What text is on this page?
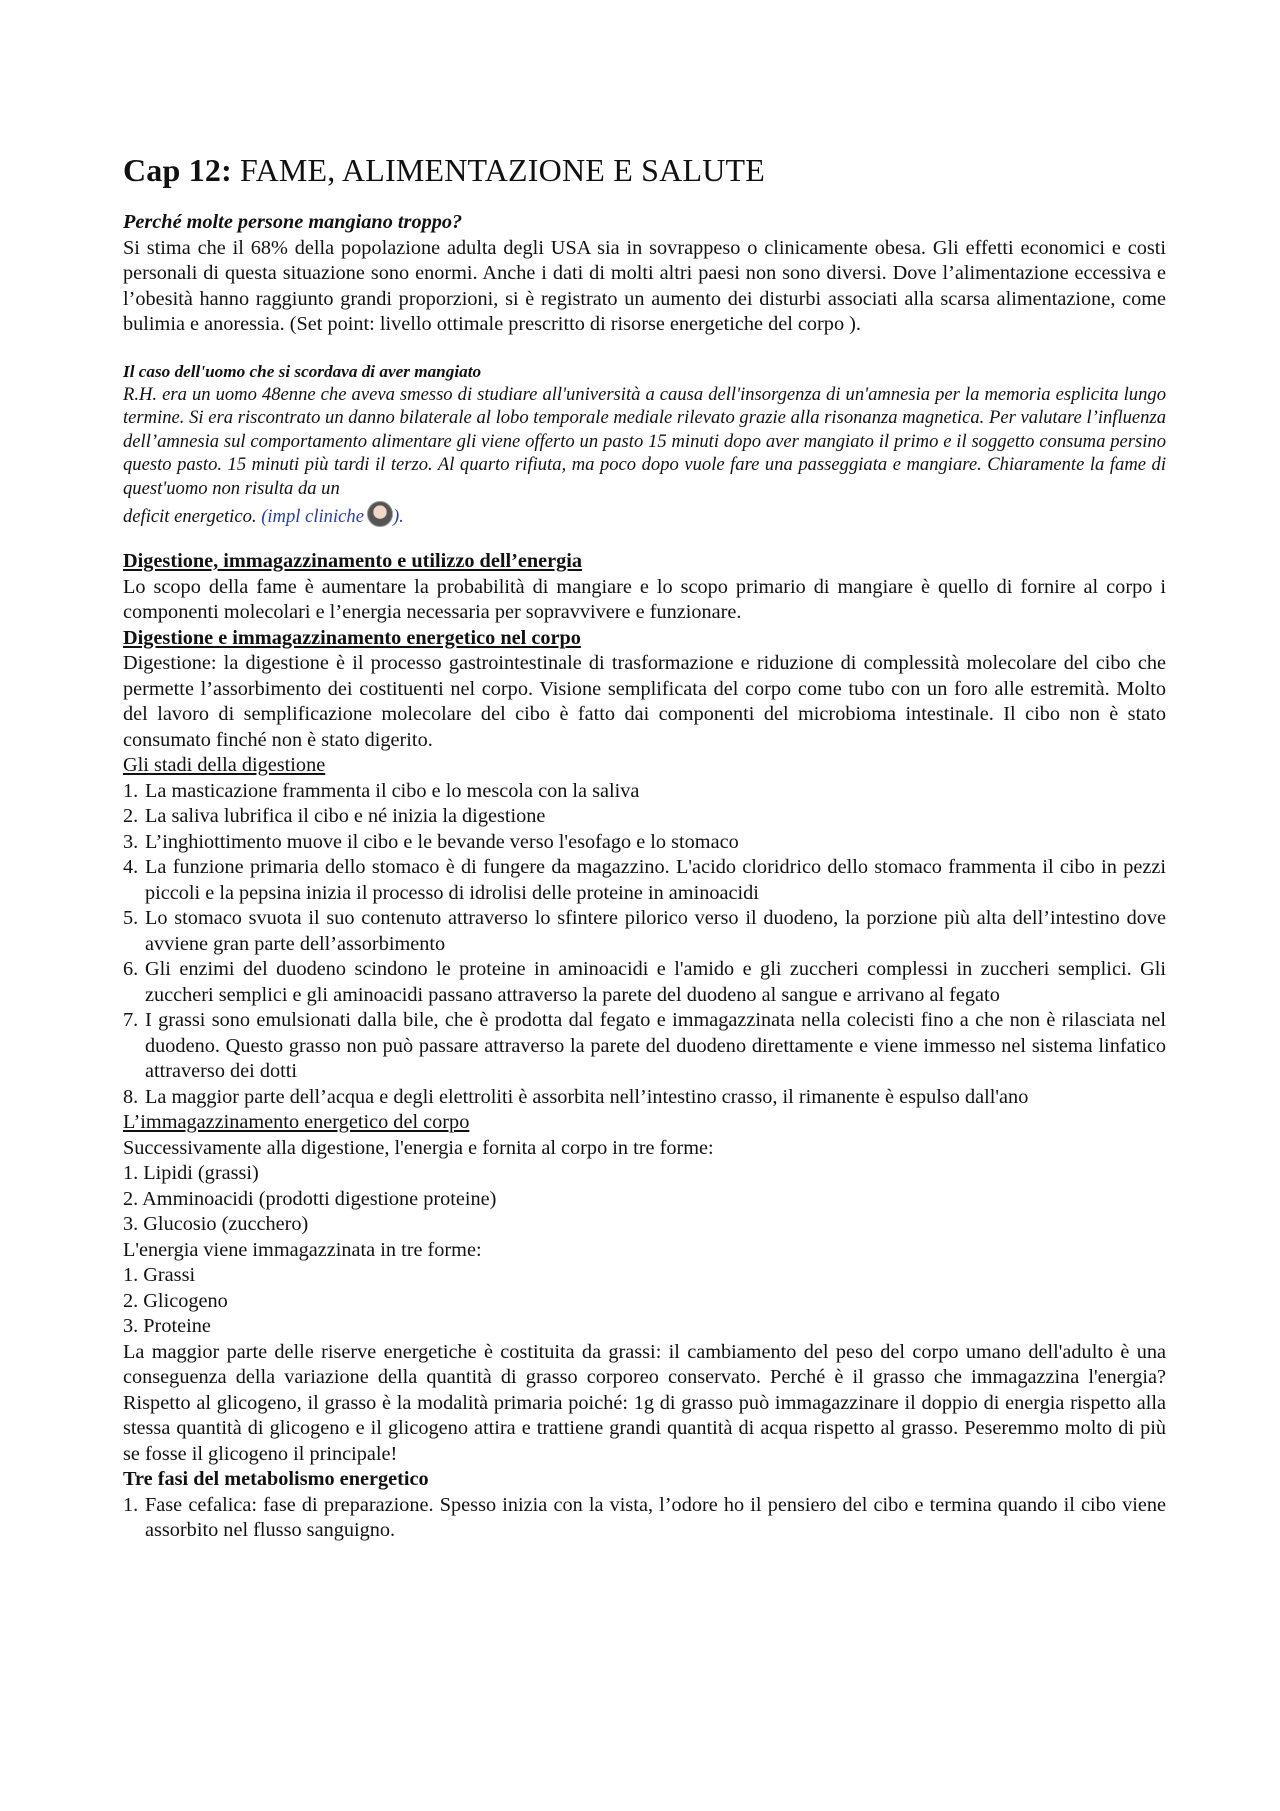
Cap 12: FAME, ALIMENTAZIONE E SALUTE
Perché molte persone mangiano troppo?

Si stima che il 68% della popolazione adulta degli USA sia in sovrappeso o clinicamente obesa. Gli effetti economici e costi personali di questa situazione sono enormi. Anche i dati di molti altri paesi non sono diversi. Dove l’alimentazione eccessiva e l’obesità hanno raggiunto grandi proporzioni, si è registrato un aumento dei disturbi associati alla scarsa alimentazione, come bulimia e anoressia. (Set point: livello ottimale prescritto di risorse energetiche del corpo ).

Il caso dell'uomo che si scordava di aver mangiato

R.H. era un uomo 48enne che aveva smesso di studiare all'università a causa dell'insorgenza di un'amnesia per la memoria esplicita lungo termine. Si era riscontrato un danno bilaterale al lobo temporale mediale rilevato grazie alla risonanza magnetica. Per valutare l’influenza dell’amnesia sul comportamento alimentare gli viene offerto un pasto 15 minuti dopo aver mangiato il primo e il soggetto consuma persino questo pasto. 15 minuti più tardi il terzo. Al quarto rifiuta, ma poco dopo vuole fare una passeggiata e mangiare. Chiaramente la fame di quest'uomo non risulta da un

deficit energetico. (impl cliniche ).
Digestione, immagazzinamento e utilizzo dell’energia

Lo scopo della fame è aumentare la probabilità di mangiare e lo scopo primario di mangiare è quello di fornire al corpo i componenti molecolari e l’energia necessaria per sopravvivere e funzionare.

Digestione e immagazzinamento energetico nel corpo

Digestione: la digestione è il processo gastrointestinale di trasformazione e riduzione di complessità molecolare del cibo che permette l’assorbimento dei costituenti nel corpo. Visione semplificata del corpo come tubo con un foro alle estremità. Molto del lavoro di semplificazione molecolare del cibo è fatto dai componenti del microbioma intestinale. Il cibo non è stato consumato finché non è stato digerito.

Gli stadi della digestione
1. La masticazione frammenta il cibo e lo mescola con la saliva
2. La saliva lubrifica il cibo e né inizia la digestione
3. L’inghiottimento muove il cibo e le bevande verso l'esofago e lo stomaco
4. La funzione primaria dello stomaco è di fungere da magazzino. L'acido cloridrico dello stomaco frammenta il cibo in pezzi piccoli e la pepsina inizia il processo di idrolisi delle proteine in aminoacidi
5. Lo stomaco svuota il suo contenuto attraverso lo sfintere pilorico verso il duodeno, la porzione più alta dell’intestino dove avviene gran parte dell’assorbimento
6. Gli enzimi del duodeno scindono le proteine in aminoacidi e l'amido e gli zuccheri complessi in zuccheri semplici. Gli zuccheri semplici e gli aminoacidi passano attraverso la parete del duodeno al sangue e arrivano al fegato
7. I grassi sono emulsionati dalla bile, che è prodotta dal fegato e immagazzinata nella colecisti fino a che non è rilasciata nel duodeno. Questo grasso non può passare attraverso la parete del duodeno direttamente e viene immesso nel sistema linfatico attraverso dei dotti
8. La maggior parte dell’acqua e degli elettroliti è assorbita nell’intestino crasso, il rimanente è espulso dall'ano
L’immagazzinamento energetico del corpo
Successivamente alla digestione, l'energia e fornita al corpo in tre forme:
1. Lipidi (grassi)
2. Amminoacidi (prodotti digestione proteine)
3. Glucosio (zucchero)
L'energia viene immagazzinata in tre forme:
1. Grassi
2. Glicogeno
3. Proteine

La maggior parte delle riserve energetiche è costituita da grassi: il cambiamento del peso del corpo umano dell'adulto è una conseguenza della variazione della quantità di grasso corporeo conservato. Perché è il grasso che immagazzina l'energia? Rispetto al glicogeno, il grasso è la modalità primaria poiché: 1g di grasso può immagazzinare il doppio di energia rispetto alla stessa quantità di glicogeno e il glicogeno attira e trattiene grandi quantità di acqua rispetto al grasso. Peseremmo molto di più se fosse il glicogeno il principale!

Tre fasi del metabolismo energetico
1. Fase cefalica: fase di preparazione. Spesso inizia con la vista, l’odore ho il pensiero del cibo e termina quando il cibo viene assorbito nel flusso sanguigno.
